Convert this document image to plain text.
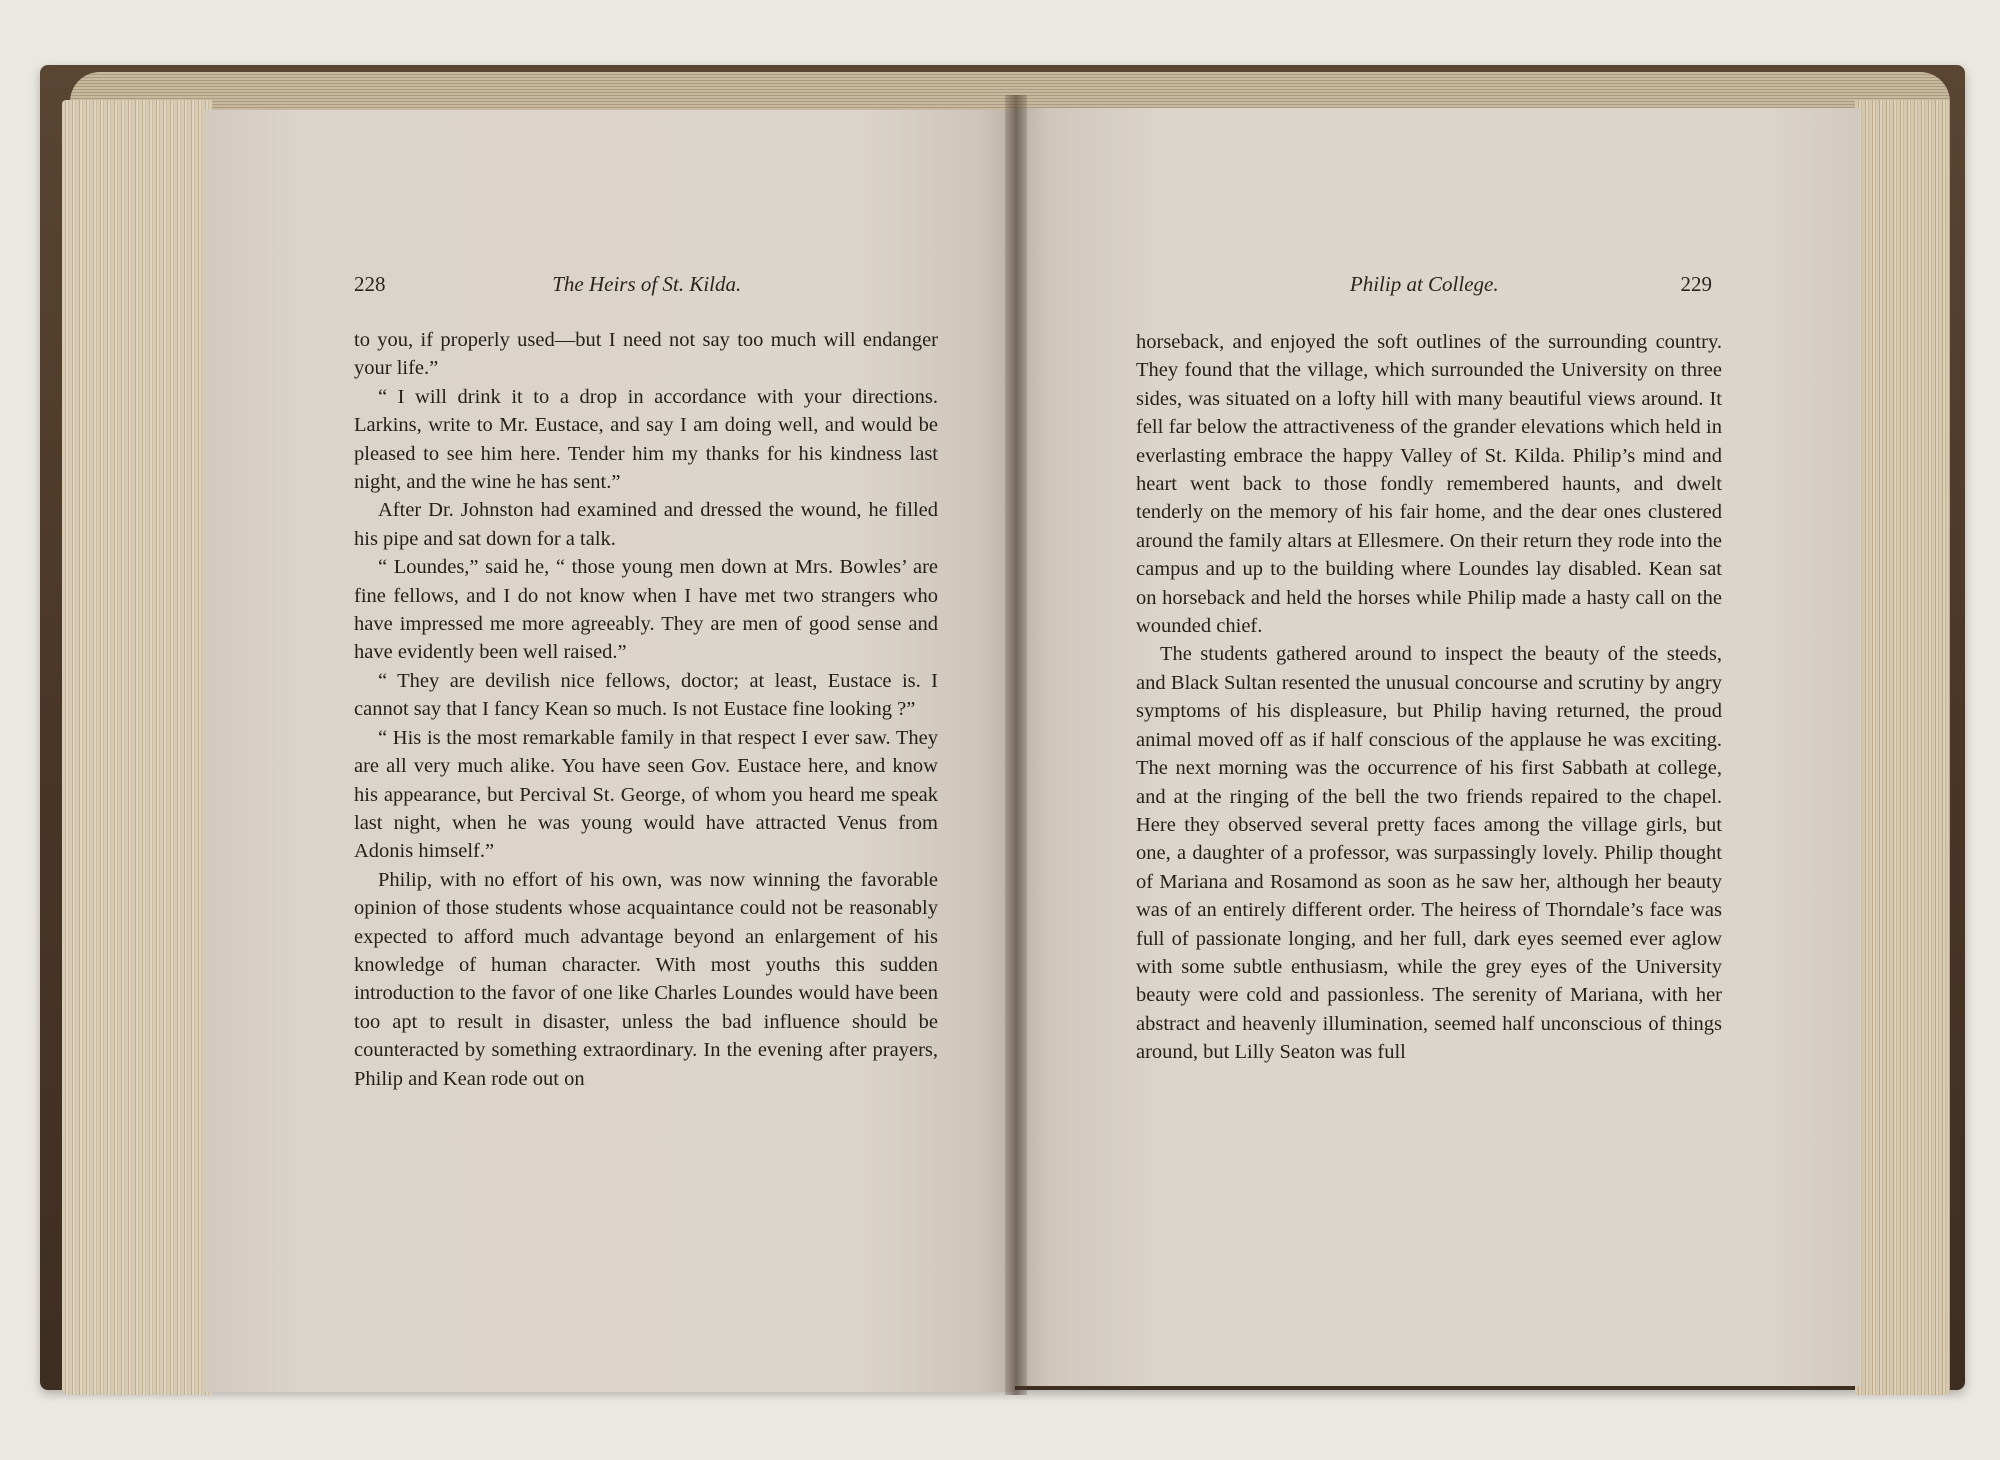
228	The Heirs of St. Kilda.	Philip at College.	229

to you, if properly used—but I need not say too much will endanger your life.”

“ I will drink it to a drop in accordance with your directions. Larkins, write to Mr. Eustace, and say I am doing well, and would be pleased to see him here. Tender him my thanks for his kindness last night, and the wine he has sent.”

After Dr. Johnston had examined and dressed the wound, he filled his pipe and sat down for a talk.

“ Loundes,” said he, “ those young men down at Mrs. Bowles’ are fine fellows, and I do not know when I have met two strangers who have impressed me more agreeably. They are men of good sense and have evidently been well raised.”

“ They are devilish nice fellows, doctor; at least, Eustace is. I cannot say that I fancy Kean so much. Is not Eustace fine looking ?”

“ His is the most remarkable family in that respect I ever saw. They are all very much alike. You have seen Gov. Eustace here, and know his appearance, but Percival St. George, of whom you heard me speak last night, when he was young would have attracted Venus from Adonis himself.”

Philip, with no effort of his own, was now winning the favorable opinion of those students whose acquaintance could not be reasonably expected to afford much advantage beyond an enlargement of his knowledge of human character. With most youths this sudden introduction to the favor of one like Charles Loundes would have been too apt to result in disaster, unless the bad influence should be counteracted by something extraordinary. In the evening after prayers, Philip and Kean rode out on

horseback, and enjoyed the soft outlines of the surrounding country. They found that the village, which surrounded the University on three sides, was situated on a lofty hill with many beautiful views around. It fell far below the attractiveness of the grander elevations which held in everlasting embrace the happy Valley of St. Kilda. Philip’s mind and heart went back to those fondly remembered haunts, and dwelt tenderly on the memory of his fair home, and the dear ones clustered around the family altars at Ellesmere. On their return they rode into the campus and up to the building where Loundes lay disabled. Kean sat on horseback and held the horses while Philip made a hasty call on the wounded chief.

The students gathered around to inspect the beauty of the steeds, and Black Sultan resented the unusual concourse and scrutiny by angry symptoms of his displeasure, but Philip having returned, the proud animal moved off as if half conscious of the applause he was exciting. The next morning was the occurrence of his first Sabbath at college, and at the ringing of the bell the two friends repaired to the chapel. Here they observed several pretty faces among the village girls, but one, a daughter of a professor, was surpassingly lovely. Philip thought of Mariana and Rosamond as soon as he saw her, although her beauty was of an entirely different order. The heiress of Thorndale’s face was full of passionate longing, and her full, dark eyes seemed ever aglow with some subtle enthusiasm, while the grey eyes of the University beauty were cold and passionless. The serenity of Mariana, with her abstract and heavenly illumination, seemed half unconscious of things around, but Lilly Seaton was full
